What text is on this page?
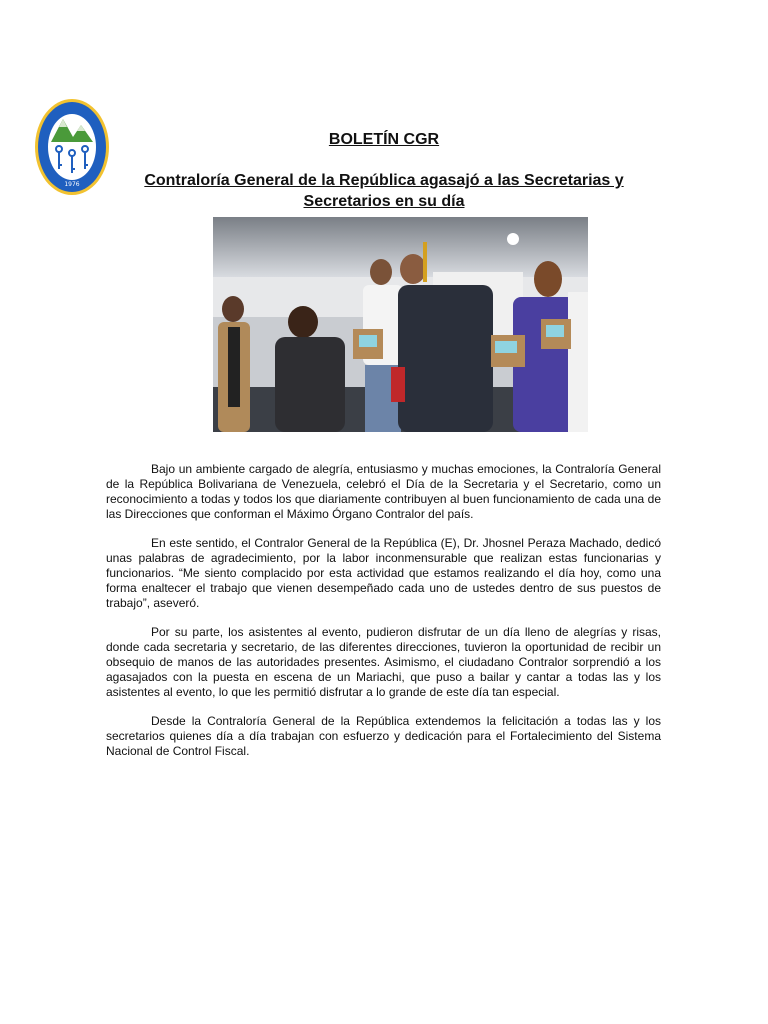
1976
BOLETÍN CGR
Contraloría General de la República agasajó a las Secretarias y Secretarios en su día

Bajo un ambiente cargado de alegría, entusiasmo y muchas emociones, la Contraloría General de la República Bolivariana de Venezuela, celebró el Día de la Secretaria y el Secretario, como un reconocimiento a todas y todos los que diariamente contribuyen al buen funcionamiento de cada una de las Direcciones que conforman el Máximo Órgano Contralor del país.

En este sentido, el Contralor General de la República (E), Dr. Jhosnel Peraza Machado, dedicó unas palabras de agradecimiento, por la labor inconmensurable que realizan estas funcionarias y funcionarios. “Me siento complacido por esta actividad que estamos realizando el día hoy, como una forma enaltecer el trabajo que vienen desempeñado cada uno de ustedes dentro de sus puestos de trabajo”, aseveró.

Por su parte, los asistentes al evento, pudieron disfrutar de un día lleno de alegrías y risas, donde cada secretaria y secretario, de las diferentes direcciones, tuvieron la oportunidad de recibir un obsequio de manos de las autoridades presentes. Asimismo, el ciudadano Contralor sorprendió a los agasajados con la puesta en escena de un Mariachi, que puso a bailar y cantar a todas las y los asistentes al evento, lo que les permitió disfrutar a lo grande de este día tan especial.

Desde la Contraloría General de la República extendemos la felicitación a todas las y los secretarios quienes día a día trabajan con esfuerzo y dedicación para el Fortalecimiento del Sistema Nacional de Control Fiscal.
